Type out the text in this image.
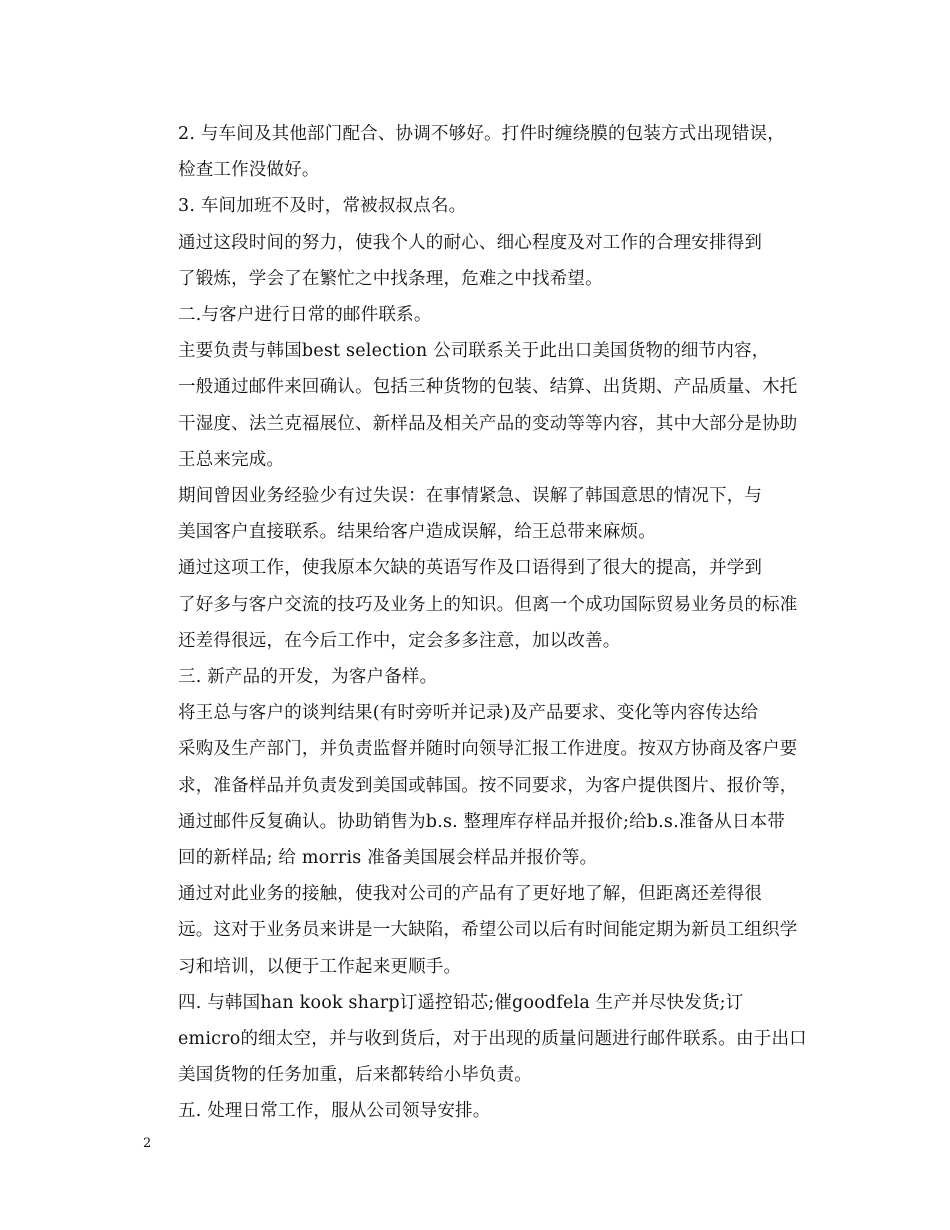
2. 与车间及其他部门配合、协调不够好。打件时缠绕膜的包装方式出现错误，
检查工作没做好。

3. 车间加班不及时，常被叔叔点名。

通过这段时间的努力，使我个人的耐心、细心程度及对工作的合理安排得到
了锻炼，学会了在繁忙之中找条理，危难之中找希望。

二.与客户进行日常的邮件联系。

主要负责与韩国best selection 公司联系关于此出口美国货物的细节内容，
一般通过邮件来回确认。包括三种货物的包装、结算、出货期、产品质量、木托
干湿度、法兰克福展位、新样品及相关产品的变动等等内容，其中大部分是协助
王总来完成。

期间曾因业务经验少有过失误：在事情紧急、误解了韩国意思的情况下，与
美国客户直接联系。结果给客户造成误解，给王总带来麻烦。

通过这项工作，使我原本欠缺的英语写作及口语得到了很大的提高，并学到
了好多与客户交流的技巧及业务上的知识。但离一个成功国际贸易业务员的标准
还差得很远，在今后工作中，定会多多注意，加以改善。

三. 新产品的开发，为客户备样。

将王总与客户的谈判结果(有时旁听并记录)及产品要求、变化等内容传达给
采购及生产部门，并负责监督并随时向领导汇报工作进度。按双方协商及客户要
求，准备样品并负责发到美国或韩国。按不同要求，为客户提供图片、报价等，
通过邮件反复确认。协助销售为b.s. 整理库存样品并报价;给b.s.准备从日本带
回的新样品; 给 morris 准备美国展会样品并报价等。

通过对此业务的接触，使我对公司的产品有了更好地了解，但距离还差得很
远。这对于业务员来讲是一大缺陷，希望公司以后有时间能定期为新员工组织学
习和培训，以便于工作起来更顺手。

四. 与韩国han kook sharp订遥控铅芯;催goodfela 生产并尽快发货;订
emicro的细太空，并与收到货后，对于出现的质量问题进行邮件联系。由于出口
美国货物的任务加重，后来都转给小毕负责。

五. 处理日常工作，服从公司领导安排。

2
